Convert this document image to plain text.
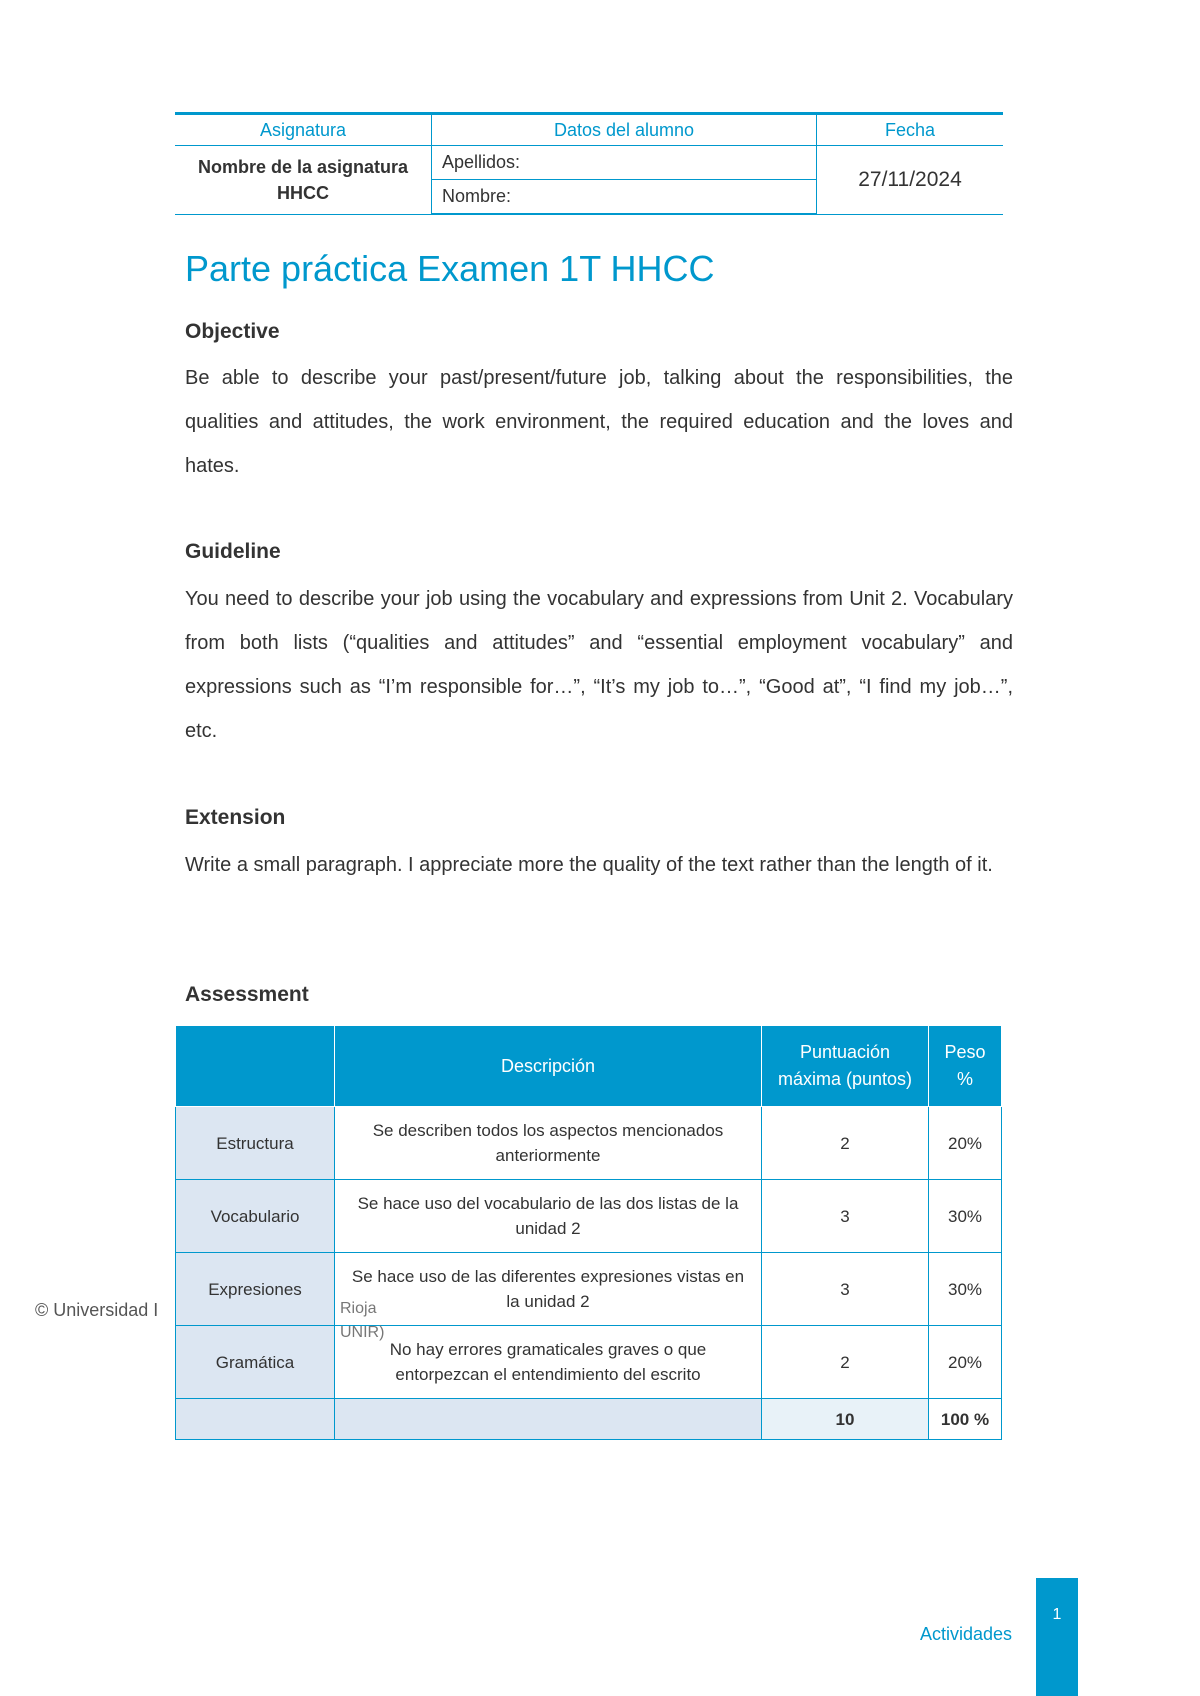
Asignatura	Datos del alumno	Fecha

Nombre de la asignatura
HHCC	Apellidos:	27/11/2024
	Nombre:	
Parte práctica Examen 1T HHCC
Objective

Be able to describe your past/present/future job, talking about the responsibilities, the qualities and attitudes, the work environment, the required education and the loves and hates.

Guideline

You need to describe your job using the vocabulary and expressions from Unit 2. Vocabulary from both lists (“qualities and attitudes” and “essential employment vocabulary” and expressions such as “I’m responsible for…”, “It’s my job to…”, “Good at”, “I find my job…”, etc.

Extension

Write a small paragraph. I appreciate more the quality of the text rather than the length of it.

Assessment
	Descripción	Puntuación máxima (puntos)	Peso %
Estructura	Se describen todos los aspectos mencionados anteriormente	2	20%
Vocabulario	Se hace uso del vocabulario de las dos listas de la unidad 2	3	30%
Expresiones	Se hace uso de las diferentes expresiones vistas en la unidad 2	3	30%
Gramática	No hay errores gramaticales graves o que entorpezcan el entendimiento del escrito	2	20%
		10	100 %
© Universidad I	Rioja
UNIR)
Actividades
1
